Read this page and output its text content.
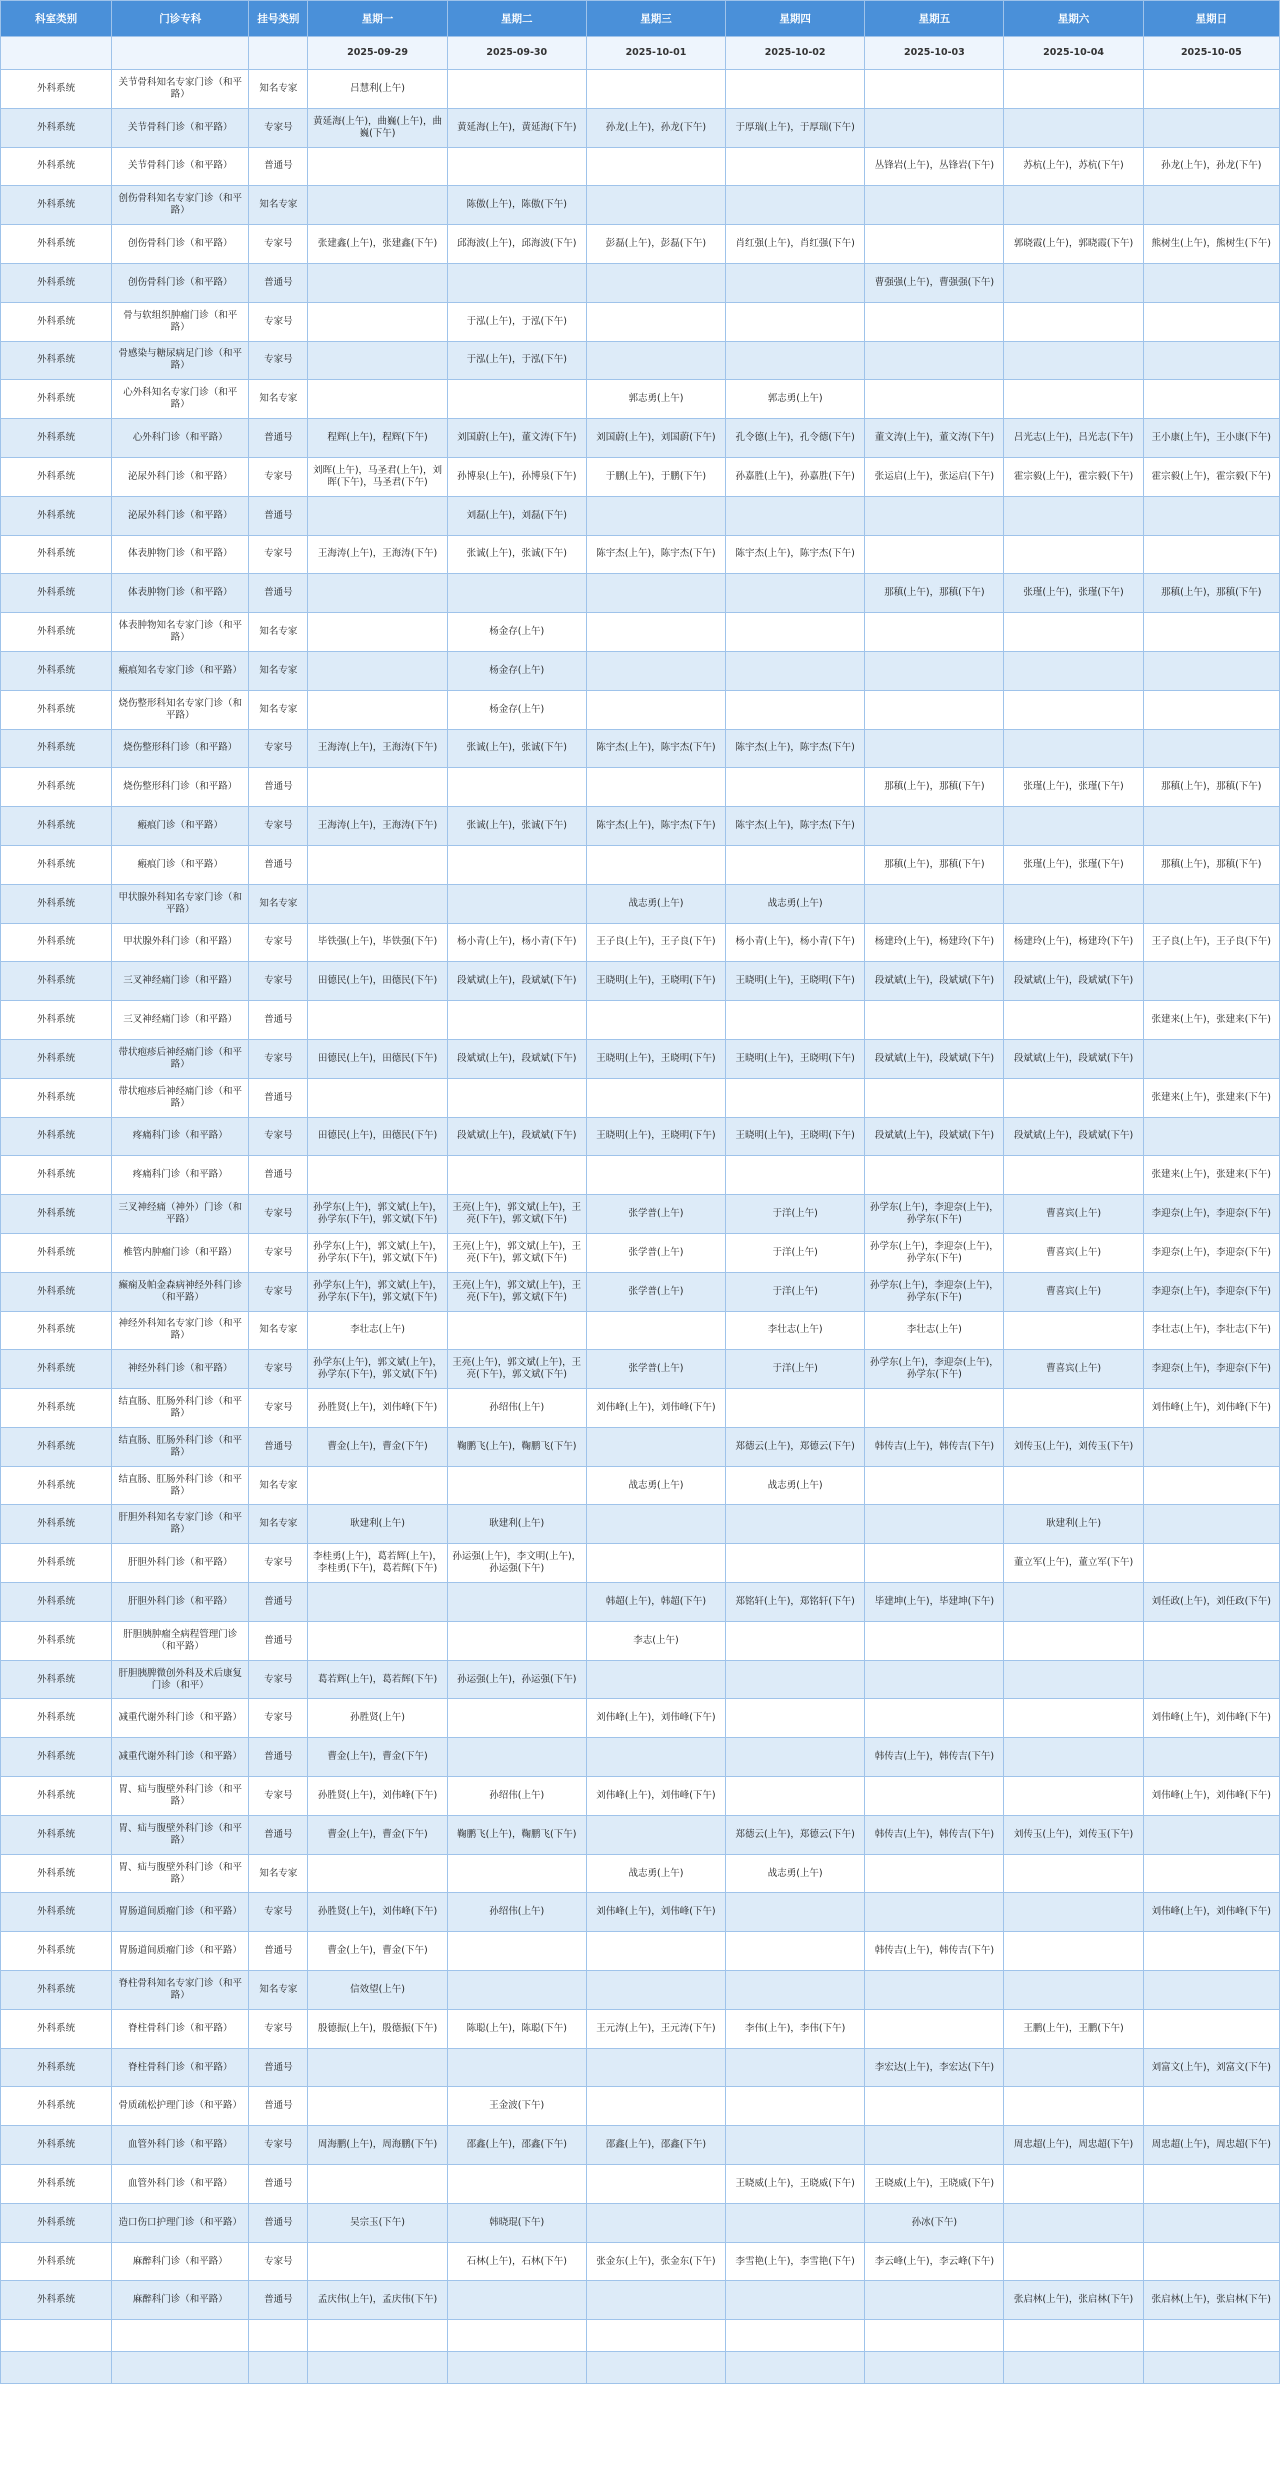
科室类别	门诊专科	挂号类别	星期一	星期二	星期三	星期四	星期五	星期六	星期日
			2025-09-29	2025-09-30	2025-10-01	2025-10-02	2025-10-03	2025-10-04	2025-10-05
外科系统	关节骨科知名专家门诊（和平路）	知名专家	吕慧利(上午)						
外科系统	关节骨科门诊（和平路）	专家号	黄延海(上午)，曲巍(上午)，曲巍(下午)	黄延海(上午)，黄延海(下午)	孙龙(上午)，孙龙(下午)	于厚瑞(上午)，于厚瑞(下午)			
外科系统	关节骨科门诊（和平路）	普通号					丛锋岩(上午)，丛锋岩(下午)	苏杭(上午)，苏杭(下午)	孙龙(上午)，孙龙(下午)
外科系统	创伤骨科知名专家门诊（和平路）	知名专家		陈傲(上午)，陈傲(下午)					
外科系统	创伤骨科门诊（和平路）	专家号	张建鑫(上午)，张建鑫(下午)	邱海波(上午)，邱海波(下午)	彭磊(上午)，彭磊(下午)	肖红强(上午)，肖红强(下午)		郭晓霞(上午)，郭晓霞(下午)	熊树生(上午)，熊树生(下午)
外科系统	创伤骨科门诊（和平路）	普通号					曹强强(上午)，曹强强(下午)		
外科系统	骨与软组织肿瘤门诊（和平路）	专家号		于泓(上午)，于泓(下午)					
外科系统	骨感染与糖尿病足门诊（和平路）	专家号		于泓(上午)，于泓(下午)					
外科系统	心外科知名专家门诊（和平路）	知名专家			郭志勇(上午)	郭志勇(上午)			
外科系统	心外科门诊（和平路）	普通号	程辉(上午)，程辉(下午)	刘国蔚(上午)，董文涛(下午)	刘国蔚(上午)，刘国蔚(下午)	孔令德(上午)，孔令德(下午)	董文涛(上午)，董文涛(下午)	吕光志(上午)，吕光志(下午)	王小康(上午)，王小康(下午)
外科系统	泌尿外科门诊（和平路）	专家号	刘晖(上午)，马圣君(上午)，刘晖(下午)，马圣君(下午)	孙博泉(上午)，孙博泉(下午)	于鹏(上午)，于鹏(下午)	孙嘉胜(上午)，孙嘉胜(下午)	张运启(上午)，张运启(下午)	霍宗毅(上午)，霍宗毅(下午)	霍宗毅(上午)，霍宗毅(下午)
外科系统	泌尿外科门诊（和平路）	普通号		刘磊(上午)，刘磊(下午)					
外科系统	体表肿物门诊（和平路）	专家号	王海涛(上午)，王海涛(下午)	张诚(上午)，张诚(下午)	陈宇杰(上午)，陈宇杰(下午)	陈宇杰(上午)，陈宇杰(下午)			
外科系统	体表肿物门诊（和平路）	普通号					那稹(上午)，那稹(下午)	张瑾(上午)，张瑾(下午)	那稹(上午)，那稹(下午)
外科系统	体表肿物知名专家门诊（和平路）	知名专家		杨金存(上午)					
外科系统	瘢痕知名专家门诊（和平路）	知名专家		杨金存(上午)					
外科系统	烧伤整形科知名专家门诊（和平路）	知名专家		杨金存(上午)					
外科系统	烧伤整形科门诊（和平路）	专家号	王海涛(上午)，王海涛(下午)	张诚(上午)，张诚(下午)	陈宇杰(上午)，陈宇杰(下午)	陈宇杰(上午)，陈宇杰(下午)			
外科系统	烧伤整形科门诊（和平路）	普通号					那稹(上午)，那稹(下午)	张瑾(上午)，张瑾(下午)	那稹(上午)，那稹(下午)
外科系统	瘢痕门诊（和平路）	专家号	王海涛(上午)，王海涛(下午)	张诚(上午)，张诚(下午)	陈宇杰(上午)，陈宇杰(下午)	陈宇杰(上午)，陈宇杰(下午)			
外科系统	瘢痕门诊（和平路）	普通号					那稹(上午)，那稹(下午)	张瑾(上午)，张瑾(下午)	那稹(上午)，那稹(下午)
外科系统	甲状腺外科知名专家门诊（和平路）	知名专家			战志勇(上午)	战志勇(上午)			
外科系统	甲状腺外科门诊（和平路）	专家号	毕铁强(上午)，毕铁强(下午)	杨小青(上午)，杨小青(下午)	王子良(上午)，王子良(下午)	杨小青(上午)，杨小青(下午)	杨建玲(上午)，杨建玲(下午)	杨建玲(上午)，杨建玲(下午)	王子良(上午)，王子良(下午)
外科系统	三叉神经痛门诊（和平路）	专家号	田德民(上午)，田德民(下午)	段斌斌(上午)，段斌斌(下午)	王晓明(上午)，王晓明(下午)	王晓明(上午)，王晓明(下午)	段斌斌(上午)，段斌斌(下午)	段斌斌(上午)，段斌斌(下午)	
外科系统	三叉神经痛门诊（和平路）	普通号							张建来(上午)，张建来(下午)
外科系统	带状疱疹后神经痛门诊（和平路）	专家号	田德民(上午)，田德民(下午)	段斌斌(上午)，段斌斌(下午)	王晓明(上午)，王晓明(下午)	王晓明(上午)，王晓明(下午)	段斌斌(上午)，段斌斌(下午)	段斌斌(上午)，段斌斌(下午)	
外科系统	带状疱疹后神经痛门诊（和平路）	普通号							张建来(上午)，张建来(下午)
外科系统	疼痛科门诊（和平路）	专家号	田德民(上午)，田德民(下午)	段斌斌(上午)，段斌斌(下午)	王晓明(上午)，王晓明(下午)	王晓明(上午)，王晓明(下午)	段斌斌(上午)，段斌斌(下午)	段斌斌(上午)，段斌斌(下午)	
外科系统	疼痛科门诊（和平路）	普通号							张建来(上午)，张建来(下午)
外科系统	三叉神经痛（神外）门诊（和平路）	专家号	孙学东(上午)，郭文斌(上午)，孙学东(下午)，郭文斌(下午)	王亮(上午)，郭文斌(上午)，王亮(下午)，郭文斌(下午)	张学普(上午)	于洋(上午)	孙学东(上午)，李迎奈(上午)，孙学东(下午)	曹喜宾(上午)	李迎奈(上午)，李迎奈(下午)
外科系统	椎管内肿瘤门诊（和平路）	专家号	孙学东(上午)，郭文斌(上午)，孙学东(下午)，郭文斌(下午)	王亮(上午)，郭文斌(上午)，王亮(下午)，郭文斌(下午)	张学普(上午)	于洋(上午)	孙学东(上午)，李迎奈(上午)，孙学东(下午)	曹喜宾(上午)	李迎奈(上午)，李迎奈(下午)
外科系统	癫痫及帕金森病神经外科门诊（和平路）	专家号	孙学东(上午)，郭文斌(上午)，孙学东(下午)，郭文斌(下午)	王亮(上午)，郭文斌(上午)，王亮(下午)，郭文斌(下午)	张学普(上午)	于洋(上午)	孙学东(上午)，李迎奈(上午)，孙学东(下午)	曹喜宾(上午)	李迎奈(上午)，李迎奈(下午)
外科系统	神经外科知名专家门诊（和平路）	知名专家	李壮志(上午)			李壮志(上午)	李壮志(上午)		李壮志(上午)，李壮志(下午)
外科系统	神经外科门诊（和平路）	专家号	孙学东(上午)，郭文斌(上午)，孙学东(下午)，郭文斌(下午)	王亮(上午)，郭文斌(上午)，王亮(下午)，郭文斌(下午)	张学普(上午)	于洋(上午)	孙学东(上午)，李迎奈(上午)，孙学东(下午)	曹喜宾(上午)	李迎奈(上午)，李迎奈(下午)
外科系统	结直肠、肛肠外科门诊（和平路）	专家号	孙胜贤(上午)，刘伟峰(下午)	孙绍伟(上午)	刘伟峰(上午)，刘伟峰(下午)				刘伟峰(上午)，刘伟峰(下午)
外科系统	结直肠、肛肠外科门诊（和平路）	普通号	曹金(上午)，曹金(下午)	鞠鹏飞(上午)，鞠鹏飞(下午)		郑德云(上午)，郑德云(下午)	韩传吉(上午)，韩传吉(下午)	刘传玉(上午)，刘传玉(下午)	
外科系统	结直肠、肛肠外科门诊（和平路）	知名专家			战志勇(上午)	战志勇(上午)			
外科系统	肝胆外科知名专家门诊（和平路）	知名专家	耿建利(上午)	耿建利(上午)				耿建利(上午)	
外科系统	肝胆外科门诊（和平路）	专家号	李桂勇(上午)，葛若辉(上午)，李桂勇(下午)，葛若辉(下午)	孙运强(上午)，李文明(上午)，孙运强(下午)				董立军(上午)，董立军(下午)	
外科系统	肝胆外科门诊（和平路）	普通号			韩超(上午)，韩超(下午)	郑铭轩(上午)，郑铭轩(下午)	毕建坤(上午)，毕建坤(下午)		刘任政(上午)，刘任政(下午)
外科系统	肝胆胰肿瘤全病程管理门诊（和平路）	普通号			李志(上午)				
外科系统	肝胆胰脾微创外科及术后康复门诊（和平）	专家号	葛若辉(上午)，葛若辉(下午)	孙运强(上午)，孙运强(下午)					
外科系统	减重代谢外科门诊（和平路）	专家号	孙胜贤(上午)		刘伟峰(上午)，刘伟峰(下午)				刘伟峰(上午)，刘伟峰(下午)
外科系统	减重代谢外科门诊（和平路）	普通号	曹金(上午)，曹金(下午)				韩传吉(上午)，韩传吉(下午)		
外科系统	胃、疝与腹壁外科门诊（和平路）	专家号	孙胜贤(上午)，刘伟峰(下午)	孙绍伟(上午)	刘伟峰(上午)，刘伟峰(下午)				刘伟峰(上午)，刘伟峰(下午)
外科系统	胃、疝与腹壁外科门诊（和平路）	普通号	曹金(上午)，曹金(下午)	鞠鹏飞(上午)，鞠鹏飞(下午)		郑德云(上午)，郑德云(下午)	韩传吉(上午)，韩传吉(下午)	刘传玉(上午)，刘传玉(下午)	
外科系统	胃、疝与腹壁外科门诊（和平路）	知名专家			战志勇(上午)	战志勇(上午)			
外科系统	胃肠道间质瘤门诊（和平路）	专家号	孙胜贤(上午)，刘伟峰(下午)	孙绍伟(上午)	刘伟峰(上午)，刘伟峰(下午)				刘伟峰(上午)，刘伟峰(下午)
外科系统	胃肠道间质瘤门诊（和平路）	普通号	曹金(上午)，曹金(下午)				韩传吉(上午)，韩传吉(下午)		
外科系统	脊柱骨科知名专家门诊（和平路）	知名专家	信效望(上午)						
外科系统	脊柱骨科门诊（和平路）	专家号	殷德振(上午)，殷德振(下午)	陈聪(上午)，陈聪(下午)	王元涛(上午)，王元涛(下午)	李伟(上午)，李伟(下午)		王鹏(上午)，王鹏(下午)	
外科系统	脊柱骨科门诊（和平路）	普通号					李宏达(上午)，李宏达(下午)		刘富文(上午)，刘富文(下午)
外科系统	骨质疏松护理门诊（和平路）	普通号		王金波(下午)					
外科系统	血管外科门诊（和平路）	专家号	周海鹏(上午)，周海鹏(下午)	邵鑫(上午)，邵鑫(下午)	邵鑫(上午)，邵鑫(下午)			周忠超(上午)，周忠超(下午)	周忠超(上午)，周忠超(下午)
外科系统	血管外科门诊（和平路）	普通号				王晓威(上午)，王晓威(下午)	王晓威(上午)，王晓威(下午)		
外科系统	造口伤口护理门诊（和平路）	普通号	吴宗玉(下午)	韩晓琨(下午)			孙冰(下午)		
外科系统	麻醉科门诊（和平路）	专家号		石林(上午)，石林(下午)	张金东(上午)，张金东(下午)	李雪艳(上午)，李雪艳(下午)	李云峰(上午)，李云峰(下午)		
外科系统	麻醉科门诊（和平路）	普通号	孟庆伟(上午)，孟庆伟(下午)					张启林(上午)，张启林(下午)	张启林(上午)，张启林(下午)
